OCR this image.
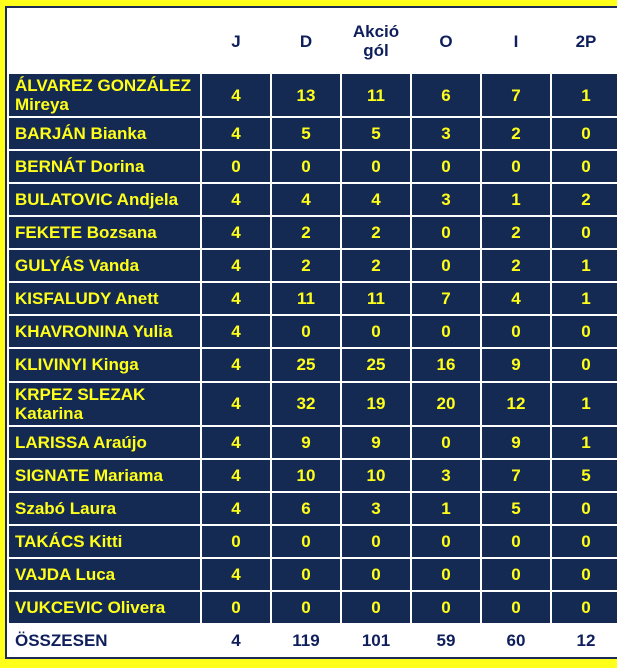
	J	D	Akció gól	O	I	2P
ÁLVAREZ GONZÁLEZ Mireya	4	13	11	6	7	1
BARJÁN Bianka	4	5	5	3	2	0
BERNÁT Dorina	0	0	0	0	0	0
BULATOVIC Andjela	4	4	4	3	1	2
FEKETE Bozsana	4	2	2	0	2	0
GULYÁS Vanda	4	2	2	0	2	1
KISFALUDY Anett	4	11	11	7	4	1
KHAVRONINA Yulia	4	0	0	0	0	0
KLIVINYI Kinga	4	25	25	16	9	0
KRPEZ SLEZAK Katarina	4	32	19	20	12	1
LARISSA Araújo	4	9	9	0	9	1
SIGNATE Mariama	4	10	10	3	7	5
Szabó Laura	4	6	3	1	5	0
TAKÁCS Kitti	0	0	0	0	0	0
VAJDA Luca	4	0	0	0	0	0
VUKCEVIC Olivera	0	0	0	0	0	0
ÖSSZESEN	4	119	101	59	60	12
